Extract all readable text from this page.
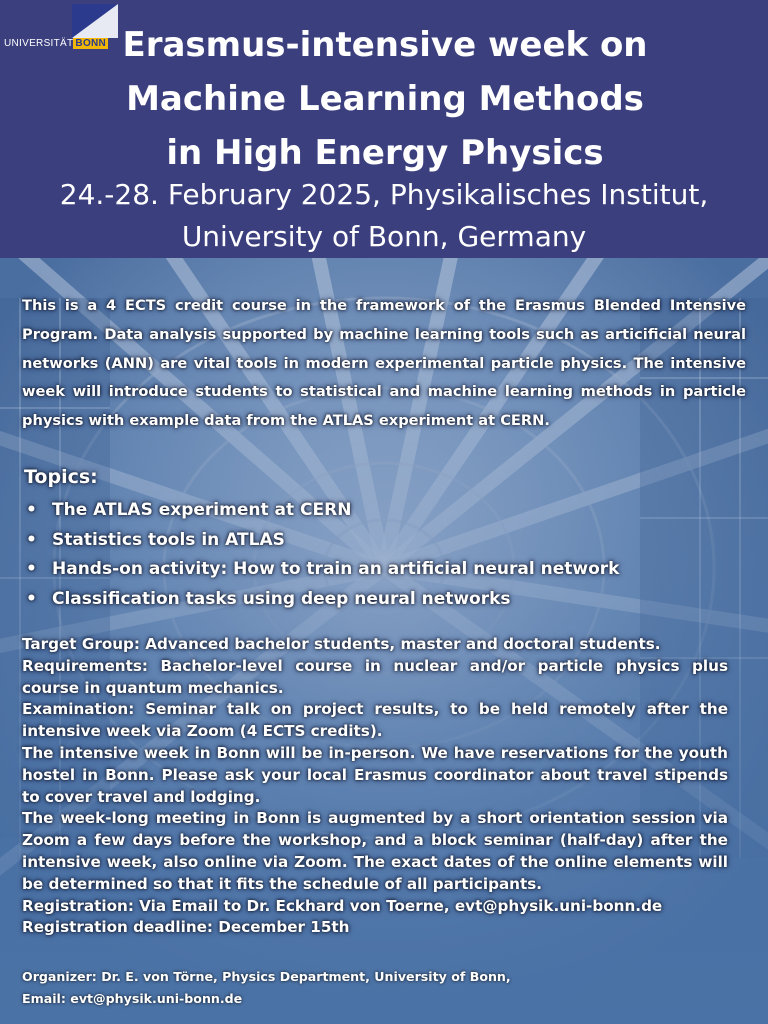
UNIVERSITÄT BONN Erasmus-intensive week on
Machine Learning Methods
in High Energy Physics

24.-28. February 2025, Physikalisches Institut,
University of Bonn, Germany

This is a 4 ECTS credit course in the framework of the Erasmus Blended Intensive Program. Data analysis supported by machine learning tools such as articificial neural networks (ANN) are vital tools in modern experimental particle physics. The intensive week will introduce students to statistical and machine learning methods in particle physics with example data from the ATLAS experiment at CERN.

Topics:
• The ATLAS experiment at CERN
• Statistics tools in ATLAS
• Hands-on activity: How to train an artificial neural network
• Classification tasks using deep neural networks

Target Group: Advanced bachelor students, master and doctoral students.

Requirements: Bachelor-level course in nuclear and/or particle physics plus course in quantum mechanics.

Examination: Seminar talk on project results, to be held remotely after the intensive week via Zoom (4 ECTS credits).

The intensive week in Bonn will be in-person. We have reservations for the youth hostel in Bonn. Please ask your local Erasmus coordinator about travel stipends to cover travel and lodging.

The week-long meeting in Bonn is augmented by a short orientation session via Zoom a few days before the workshop, and a block seminar (half-day) after the intensive week, also online via Zoom. The exact dates of the online elements will be determined so that it fits the schedule of all participants.

Registration: Via Email to Dr. Eckhard von Toerne, evt@physik.uni-bonn.de

Registration deadline: December 15th

Organizer: Dr. E. von Törne, Physics Department, University of Bonn,

Email: evt@physik.uni-bonn.de
